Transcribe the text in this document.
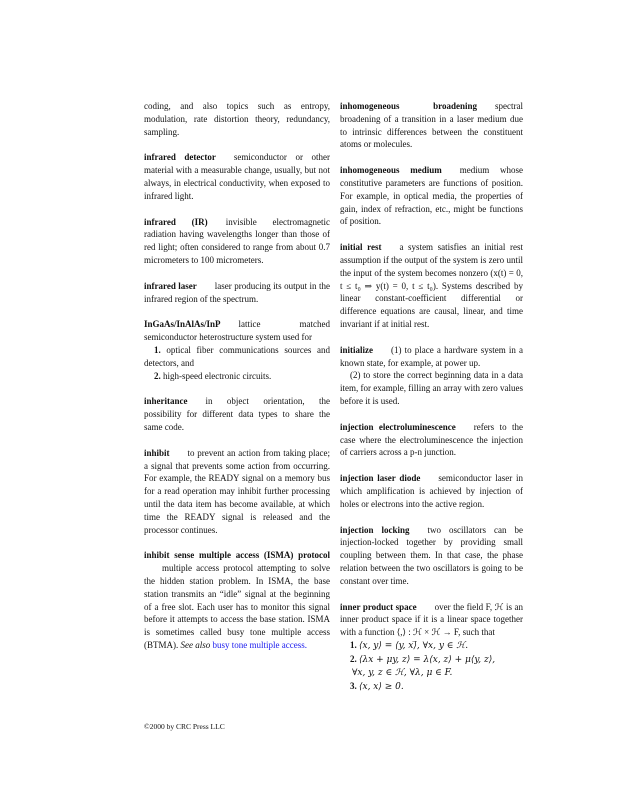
coding, and also topics such as entropy, modulation, rate distortion theory, redundancy, sampling.

infrared detector semiconductor or other material with a measurable change, usually, but not always, in electrical conductivity, when exposed to infrared light.
infrared (IR) invisible electromagnetic radiation having wavelengths longer than those of red light; often considered to range from about 0.7 micrometers to 100 micrometers.
infrared laser laser producing its output in the infrared region of the spectrum.
InGaAs/InAlAs/InP lattice matched semiconductor heterostructure system used for
1. optical fiber communications sources and detectors, and
2. high-speed electronic circuits.
inheritance in object orientation, the possibility for different data types to share the same code.
inhibit to prevent an action from taking place; a signal that prevents some action from occurring. For example, the READY signal on a memory bus for a read operation may inhibit further processing until the data item has become available, at which time the READY signal is released and the processor continues.
inhibit sense multiple access (ISMA) protocolmultiple access protocol attempting to solve the hidden station problem. In ISMA, the base station transmits an “idle” signal at the beginning of a free slot. Each user has to monitor this signal before it attempts to access the base station. ISMA is sometimes called busy tone multiple access (BTMA). See also busy tone multiple access.
inhomogeneous broadening spectral broadening of a transition in a laser medium due to intrinsic differences between the constituent atoms or molecules.
inhomogeneous medium medium whose constitutive parameters are functions of position. For example, in optical media, the properties of gain, index of refraction, etc., might be functions of position.
initial rest a system satisfies an initial rest assumption if the output of the system is zero until the input of the system becomes nonzero (x(t) = 0, t ≤ t₀ ⇒ y(t) = 0, t ≤ t₀). Systems described by linear constant-coefficient differential or difference equations are causal, linear, and time invariant if at initial rest.
initialize (1) to place a hardware system in a known state, for example, at power up.

(2) to store the correct beginning data in a data item, for example, filling an array with zero values before it is used.

injection electroluminescence refers to the case where the electroluminescence the injection of carriers across a p-n junction.
injection laser diode semiconductor laser in which amplification is achieved by injection of holes or electrons into the active region.
injection locking two oscillators can be injection-locked together by providing small coupling between them. In that case, the phase relation between the two oscillators is going to be constant over time.
inner product space over the field F, ℋ is an inner product space if it is a linear space together with a function ⟨,⟩ : ℋ × ℋ → F, such that
1. ⟨x, y⟩ = ⟨y, x⟩̅, ∀x, y ∈ ℋ.
2. ⟨λx + μy, z⟩ = λ⟨x, z⟩ + μ⟨y, z⟩,
∀x, y, z ∈ ℋ, ∀λ, μ ∈ F.
3. ⟨x, x⟩ ≥ 0.
©2000 by CRC Press LLC
